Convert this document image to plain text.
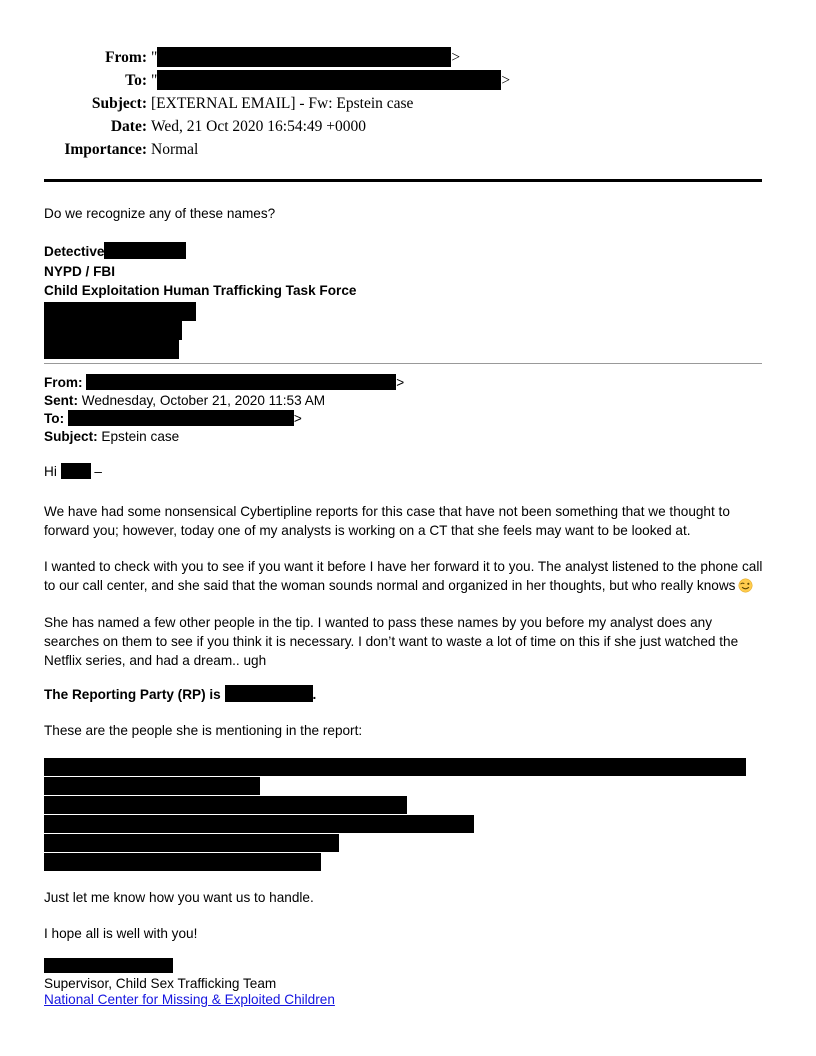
From: "	>
To: "	>
Subject: [EXTERNAL EMAIL] - Fw: Epstein case
Date: Wed, 21 Oct 2020 16:54:49 +0000
Importance: Normal

Do we recognize any of these names?

Detective
NYPD / FBI
Child Exploitation Human Trafficking Task Force
From:	>
Sent: Wednesday, October 21, 2020 11:53 AM
To:	>
Subject: Epstein case

Hi	–

We have had some nonsensical Cybertipline reports for this case that have not been something that we thought to forward you; however, today one of my analysts is working on a CT that she feels may want to be looked at.

I wanted to check with you to see if you want it before I have her forward it to you. The analyst listened to the phone call to our call center, and she said that the woman sounds normal and organized in her thoughts, but who really knows

She has named a few other people in the tip. I wanted to pass these names by you before my analyst does any searches on them to see if you think it is necessary. I don’t want to waste a lot of time on this if she just watched the Netflix series, and had a dream.. ugh

The Reporting Party (RP) is	.

These are the people she is mentioning in the report:

Just let me know how you want us to handle.

I hope all is well with you!

Supervisor, Child Sex Trafficking Team
National Center for Missing & Exploited Children
